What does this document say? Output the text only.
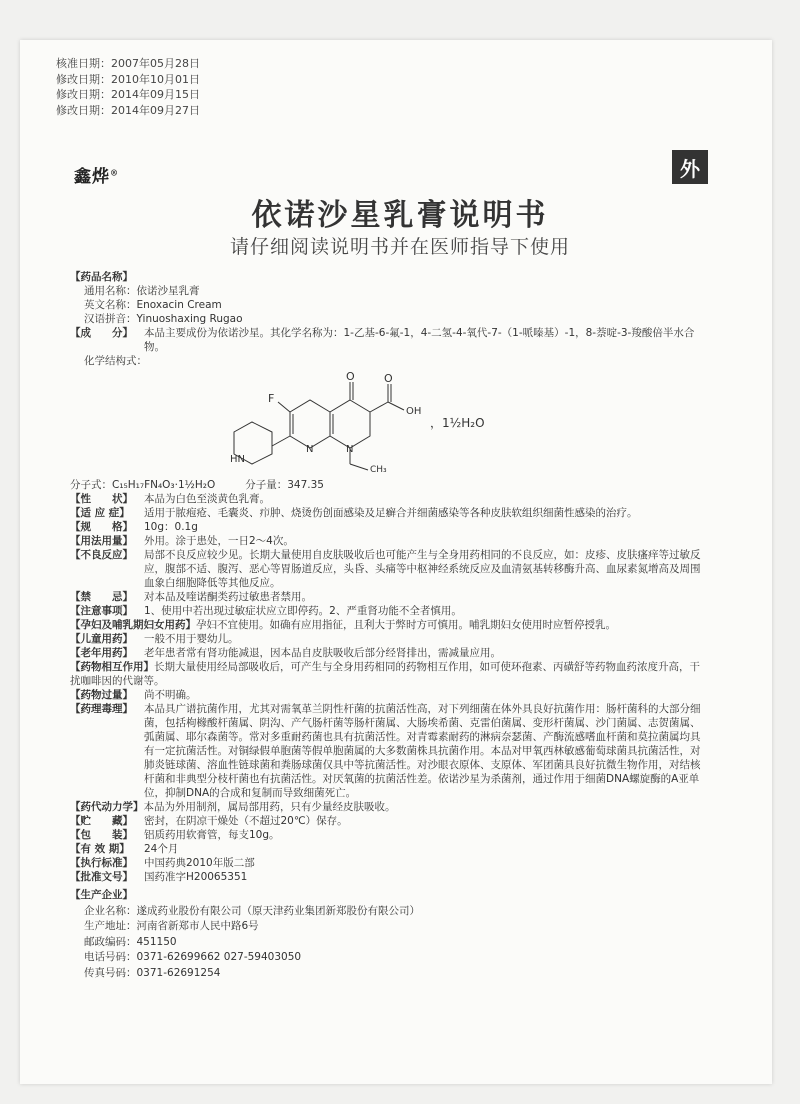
核准日期：2007年05月28日
修改日期：2010年10月01日
修改日期：2014年09月15日
修改日期：2014年09月27日
鑫烨®	外
依诺沙星乳膏说明书
请仔细阅读说明书并在医师指导下使用
【药品名称】
通用名称：依诺沙星乳膏
英文名称：Enoxacin Cream
汉语拼音：Yinuoshaxing Rugao
【成　　分】	本品主要成份为依诺沙星。其化学名称为：1-乙基-6-氟-1，4-二氢-4-氧代-7-（1-哌嗪基）-1，8-萘啶-3-羧酸倍半水合物。
化学结构式：
O	O
OH
F
N
N
HN
CH₃
，1½H₂O
分子式：C₁₅H₁₇FN₄O₃·1½H₂O	分子量：347.35
【性　　状】	本品为白色至淡黄色乳膏。
【适 应 症】	适用于脓疱疮、毛囊炎、疖肿、烧烫伤创面感染及足癣合并细菌感染等各种皮肤软组织细菌性感染的治疗。
【规　　格】	10g：0.1g
【用法用量】	外用。涂于患处，一日2～4次。
【不良反应】	局部不良反应较少见。长期大量使用自皮肤吸收后也可能产生与全身用药相同的不良反应，如：皮疹、皮肤瘙痒等过敏反应，腹部不适、腹泻、恶心等胃肠道反应，头昏、头痛等中枢神经系统反应及血清氨基转移酶升高、血尿素氮增高及周围血象白细胞降低等其他反应。
【禁　　忌】	对本品及喹诺酮类药过敏患者禁用。
【注意事项】	1、使用中若出现过敏症状应立即停药。2、严重肾功能不全者慎用。
【孕妇及哺乳期妇女用药】孕妇不宜使用。如确有应用指征，且利大于弊时方可慎用。哺乳期妇女使用时应暂停授乳。
【儿童用药】	一般不用于婴幼儿。
【老年用药】	老年患者常有肾功能减退，因本品自皮肤吸收后部分经肾排出，需减量应用。
【药物相互作用】长期大量使用经局部吸收后，可产生与全身用药相同的药物相互作用，如可使环孢素、丙磺舒等药物血药浓度升高，干扰咖啡因的代谢等。
【药物过量】	尚不明确。
【药理毒理】	本品具广谱抗菌作用，尤其对需氧革兰阴性杆菌的抗菌活性高，对下列细菌在体外具良好抗菌作用：肠杆菌科的大部分细菌，包括枸橼酸杆菌属、阴沟、产气肠杆菌等肠杆菌属、大肠埃希菌、克雷伯菌属、变形杆菌属、沙门菌属、志贺菌属、弧菌属、耶尔森菌等。常对多重耐药菌也具有抗菌活性。对青霉素耐药的淋病奈瑟菌、产酶流感嗜血杆菌和莫拉菌属均具有一定抗菌活性。对铜绿假单胞菌等假单胞菌属的大多数菌株具抗菌作用。本品对甲氧西林敏感葡萄球菌具抗菌活性，对肺炎链球菌、溶血性链球菌和粪肠球菌仅具中等抗菌活性。对沙眼衣原体、支原体、军团菌具良好抗微生物作用，对结核杆菌和非典型分枝杆菌也有抗菌活性。对厌氧菌的抗菌活性差。依诺沙星为杀菌剂，通过作用于细菌DNA螺旋酶的A亚单位，抑制DNA的合成和复制而导致细菌死亡。
【药代动力学】本品为外用制剂，属局部用药，只有少量经皮肤吸收。
【贮　　藏】	密封，在阴凉干燥处（不超过20℃）保存。
【包　　装】	铝质药用软膏管，每支10g。
【有 效 期】	24个月
【执行标准】	中国药典2010年版二部
【批准文号】	国药准字H20065351
【生产企业】
企业名称：遂成药业股份有限公司（原天津药业集团新郑股份有限公司）
生产地址：河南省新郑市人民中路6号
邮政编码：451150
电话号码：0371-62699662 027-59403050
传真号码：0371-62691254
